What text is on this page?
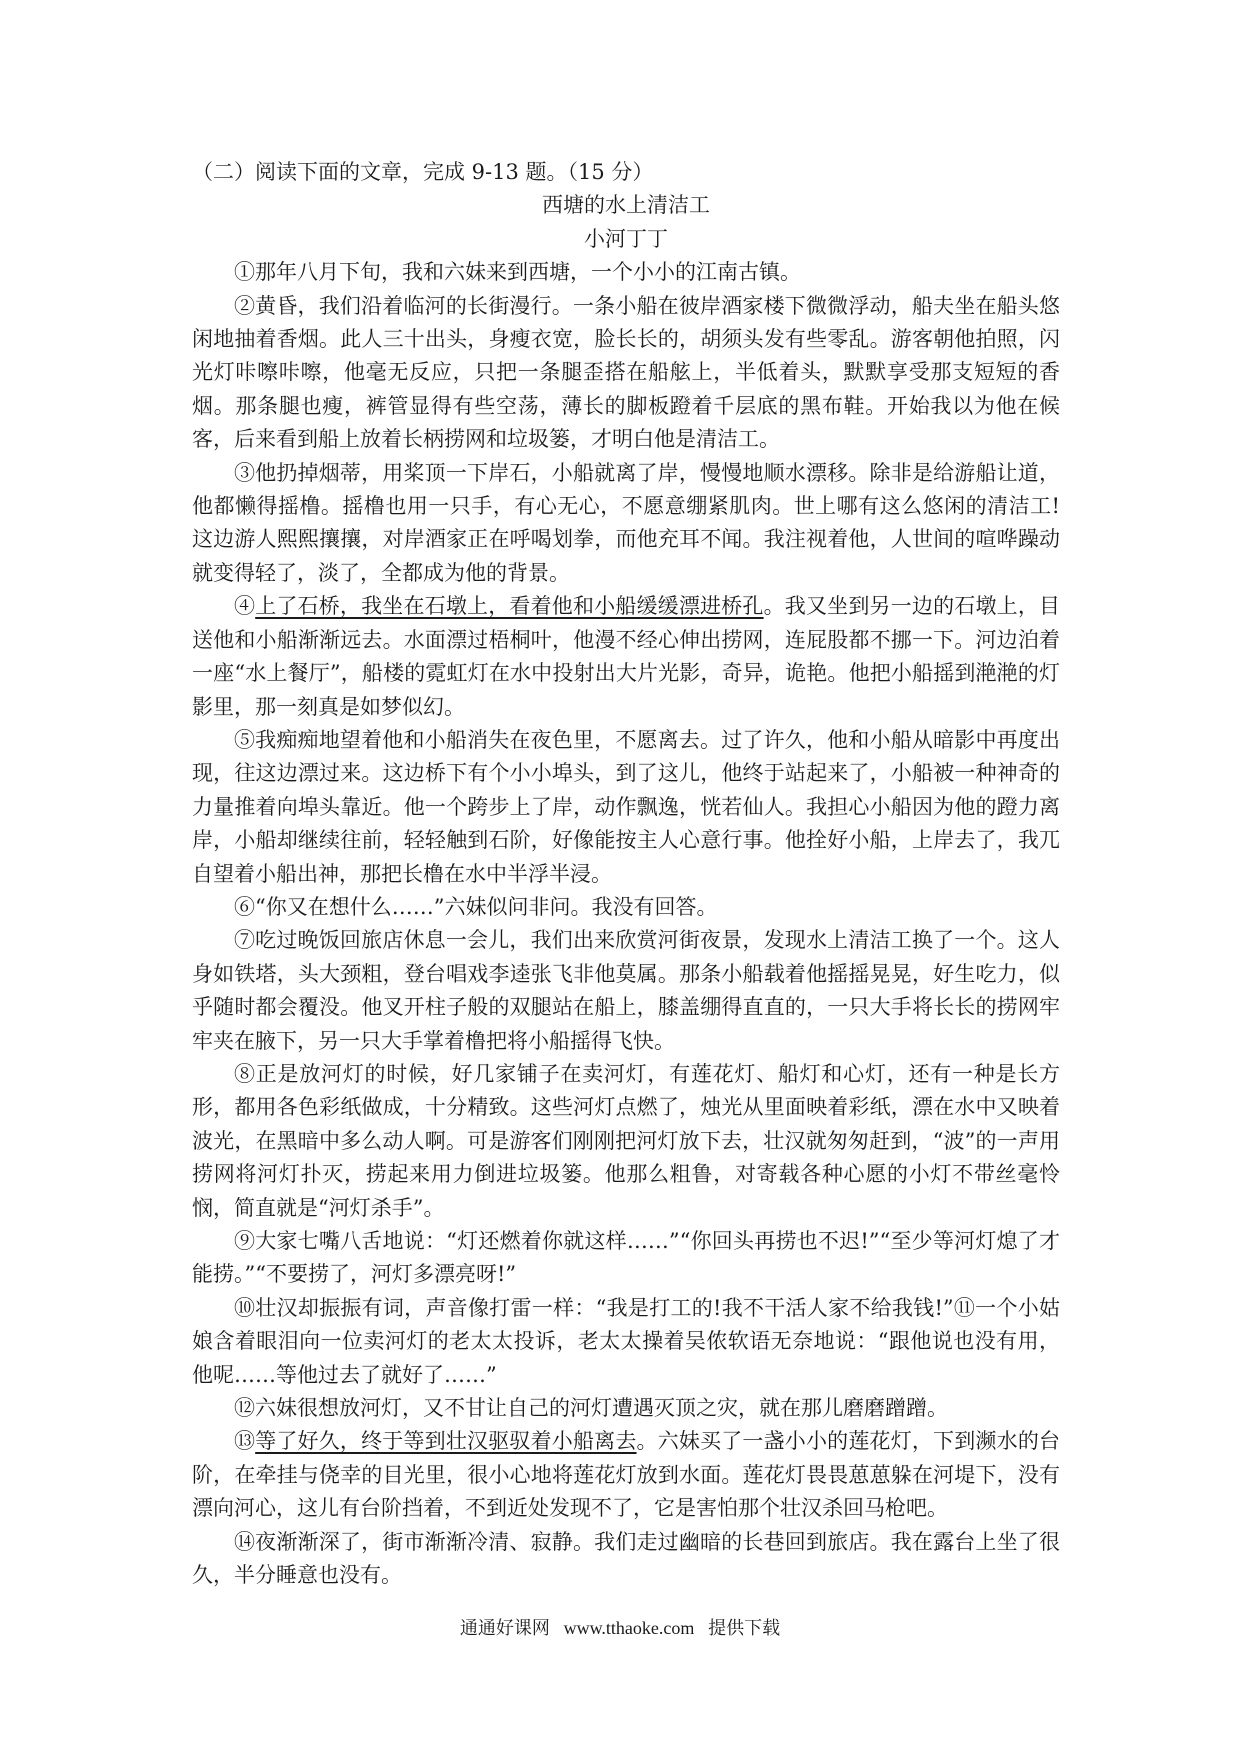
（二）阅读下面的文章，完成 9-13 题。（15 分）

西塘的水上清洁工

小河丁丁

①那年八月下旬，我和六妹来到西塘，一个小小的江南古镇。

②黄昏，我们沿着临河的长街漫行。一条小船在彼岸酒家楼下微微浮动，船夫坐在船头悠闲地抽着香烟。此人三十出头，身瘦衣宽，脸长长的，胡须头发有些零乱。游客朝他拍照，闪光灯咔嚓咔嚓，他毫无反应，只把一条腿歪搭在船舷上，半低着头，默默享受那支短短的香烟。那条腿也瘦，裤管显得有些空荡，薄长的脚板蹬着千层底的黑布鞋。开始我以为他在候客，后来看到船上放着长柄捞网和垃圾篓，才明白他是清洁工。

③他扔掉烟蒂，用桨顶一下岸石，小船就离了岸，慢慢地顺水漂移。除非是给游船让道，他都懒得摇橹。摇橹也用一只手，有心无心，不愿意绷紧肌肉。世上哪有这么悠闲的清洁工!这边游人熙熙攘攘，对岸酒家正在呼喝划拳，而他充耳不闻。我注视着他，人世间的喧哗躁动就变得轻了，淡了，全都成为他的背景。

④上了石桥，我坐在石墩上，看着他和小船缓缓漂进桥孔。我又坐到另一边的石墩上，目送他和小船渐渐远去。水面漂过梧桐叶，他漫不经心伸出捞网，连屁股都不挪一下。河边泊着一座“水上餐厅”，船楼的霓虹灯在水中投射出大片光影，奇异，诡艳。他把小船摇到滟滟的灯影里，那一刻真是如梦似幻。

⑤我痴痴地望着他和小船消失在夜色里，不愿离去。过了许久，他和小船从暗影中再度出现，往这边漂过来。这边桥下有个小小埠头，到了这儿，他终于站起来了，小船被一种神奇的力量推着向埠头靠近。他一个跨步上了岸，动作飘逸，恍若仙人。我担心小船因为他的蹬力离岸，小船却继续往前，轻轻触到石阶，好像能按主人心意行事。他拴好小船，上岸去了，我兀自望着小船出神，那把长橹在水中半浮半浸。

⑥“你又在想什么……”六妹似问非问。我没有回答。

⑦吃过晚饭回旅店休息一会儿，我们出来欣赏河街夜景，发现水上清洁工换了一个。这人身如铁塔，头大颈粗，登台唱戏李逵张飞非他莫属。那条小船载着他摇摇晃晃，好生吃力，似乎随时都会覆没。他叉开柱子般的双腿站在船上，膝盖绷得直直的，一只大手将长长的捞网牢牢夹在腋下，另一只大手掌着橹把将小船摇得飞快。

⑧正是放河灯的时候，好几家铺子在卖河灯，有莲花灯、船灯和心灯，还有一种是长方形，都用各色彩纸做成，十分精致。这些河灯点燃了，烛光从里面映着彩纸，漂在水中又映着波光，在黑暗中多么动人啊。可是游客们刚刚把河灯放下去，壮汉就匆匆赶到，“波”的一声用捞网将河灯扑灭，捞起来用力倒进垃圾篓。他那么粗鲁，对寄载各种心愿的小灯不带丝毫怜悯，简直就是“河灯杀手”。

⑨大家七嘴八舌地说：“灯还燃着你就这样……”“你回头再捞也不迟!”“至少等河灯熄了才能捞。”“不要捞了，河灯多漂亮呀!”

⑩壮汉却振振有词，声音像打雷一样：“我是打工的!我不干活人家不给我钱!”⑪一个小姑娘含着眼泪向一位卖河灯的老太太投诉，老太太操着吴侬软语无奈地说：“跟他说也没有用，他呢……等他过去了就好了……”

⑫六妹很想放河灯，又不甘让自己的河灯遭遇灭顶之灾，就在那儿磨磨蹭蹭。

⑬等了好久，终于等到壮汉驱驭着小船离去。六妹买了一盏小小的莲花灯，下到濒水的台阶，在牵挂与侥幸的目光里，很小心地将莲花灯放到水面。莲花灯畏畏葸葸躲在河堤下，没有漂向河心，这儿有台阶挡着，不到近处发现不了，它是害怕那个壮汉杀回马枪吧。

⑭夜渐渐深了，街市渐渐冷清、寂静。我们走过幽暗的长巷回到旅店。我在露台上坐了很久，半分睡意也没有。

通通好课网 www.tthaoke.com 提供下载
